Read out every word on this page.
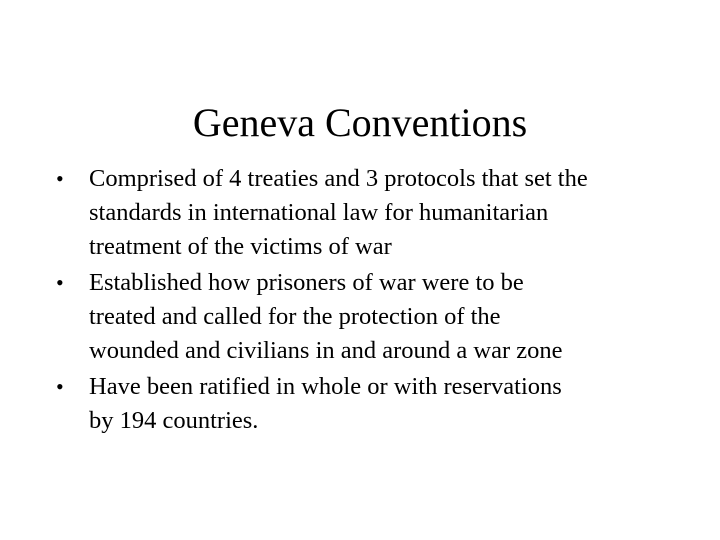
Geneva Conventions
•	Comprised of 4 treaties and 3 protocols that set the
standards in international law for humanitarian
treatment of the victims of war
•	Established how prisoners of war were to be
treated and called for the protection of the
wounded and civilians in and around a war zone
•	Have been ratified in whole or with reservations
by 194 countries.
